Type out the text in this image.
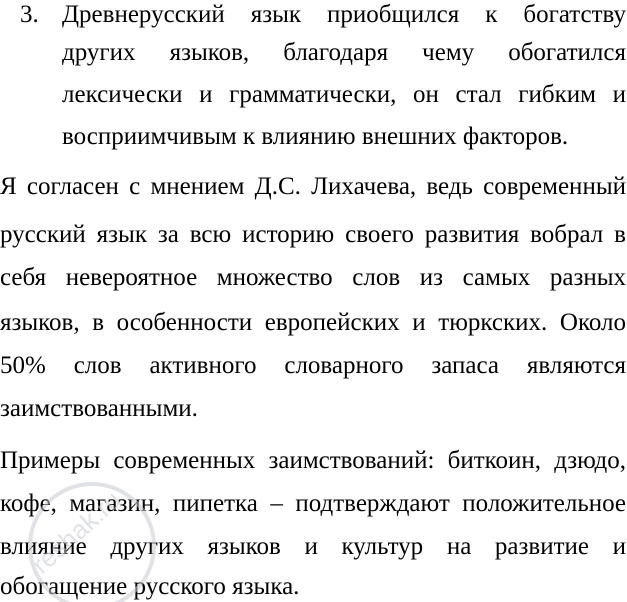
3. Древнерусский язык приобщился к богатству
других языков, благодаря чему обогатился
лексически и грамматически, он стал гибким и
восприимчивым к влиянию внешних факторов.
Я согласен с мнением Д.С. Лихачева, ведь современный
русский язык за всю историю своего развития вобрал в
себя невероятное множество слов из самых разных
языков, в особенности европейских и тюркских. Около
50% слов активного словарного запаса являются
заимствованными.
Примеры современных заимствований: биткоин, дзюдо,
кофе, магазин, пипетка – подтверждают положительное
влияние других языков и культур на развитие и
обогащение русского языка.
reshak.ru
